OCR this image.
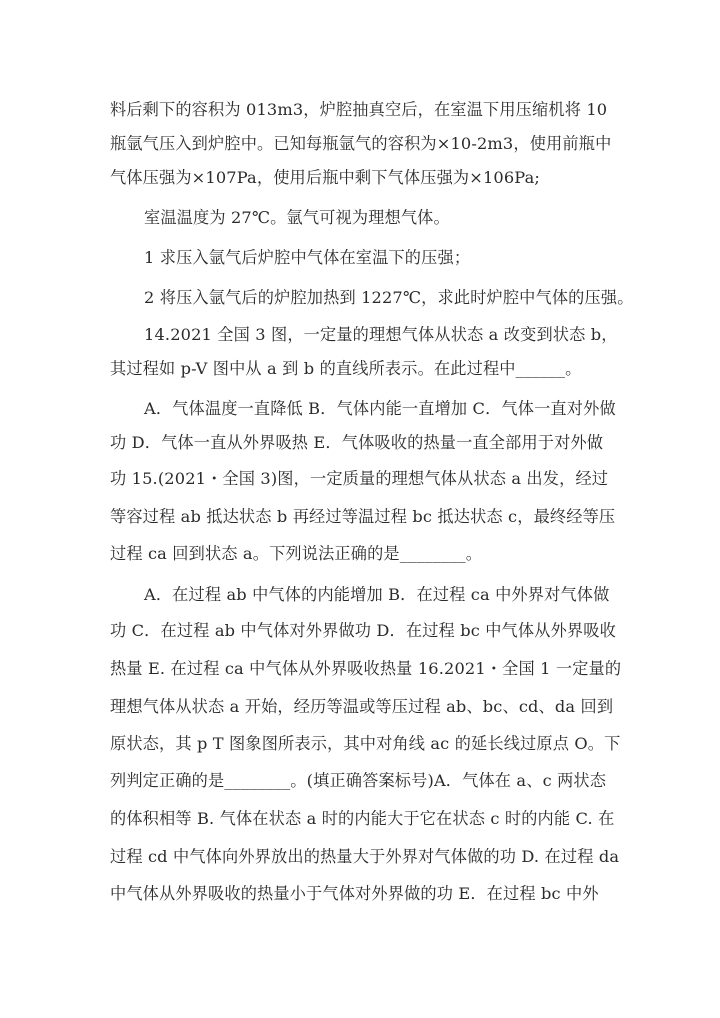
料后剩下的容积为 013m3，炉腔抽真空后，在室温下用压缩机将 10
瓶氩气压入到炉腔中。已知每瓶氩气的容积为×10-2m3，使用前瓶中
气体压强为×107Pa，使用后瓶中剩下气体压强为×106Pa;
室温温度为 27℃。氩气可视为理想气体。
1 求压入氩气后炉腔中气体在室温下的压强；
2 将压入氩气后的炉腔加热到 1227℃，求此时炉腔中气体的压强。
14.2021 全国 3 图，一定量的理想气体从状态 a 改变到状态 b，
其过程如 p-V 图中从 a 到 b 的直线所表示。在此过程中______。
A．气体温度一直降低 B．气体内能一直增加 C．气体一直对外做
功 D．气体一直从外界吸热 E．气体吸收的热量一直全部用于对外做
功 15.(2021・全国 3)图，一定质量的理想气体从状态 a 出发，经过
等容过程 ab 抵达状态 b 再经过等温过程 bc 抵达状态 c，最终经等压
过程 ca 回到状态 a。下列说法正确的是________。
A．在过程 ab 中气体的内能增加 B．在过程 ca 中外界对气体做
功 C．在过程 ab 中气体对外界做功 D．在过程 bc 中气体从外界吸收
热量 E. 在过程 ca 中气体从外界吸收热量 16.2021・全国 1 一定量的
理想气体从状态 a 开始，经历等温或等压过程 ab、bc、cd、da 回到
原状态，其 p T 图象图所表示，其中对角线 ac 的延长线过原点 O。下
列判定正确的是________。(填正确答案标号)A．气体在 a、c 两状态
的体积相等 B. 气体在状态 a 时的内能大于它在状态 c 时的内能 C. 在
过程 cd 中气体向外界放出的热量大于外界对气体做的功 D. 在过程 da
中气体从外界吸收的热量小于气体对外界做的功 E．在过程 bc 中外
